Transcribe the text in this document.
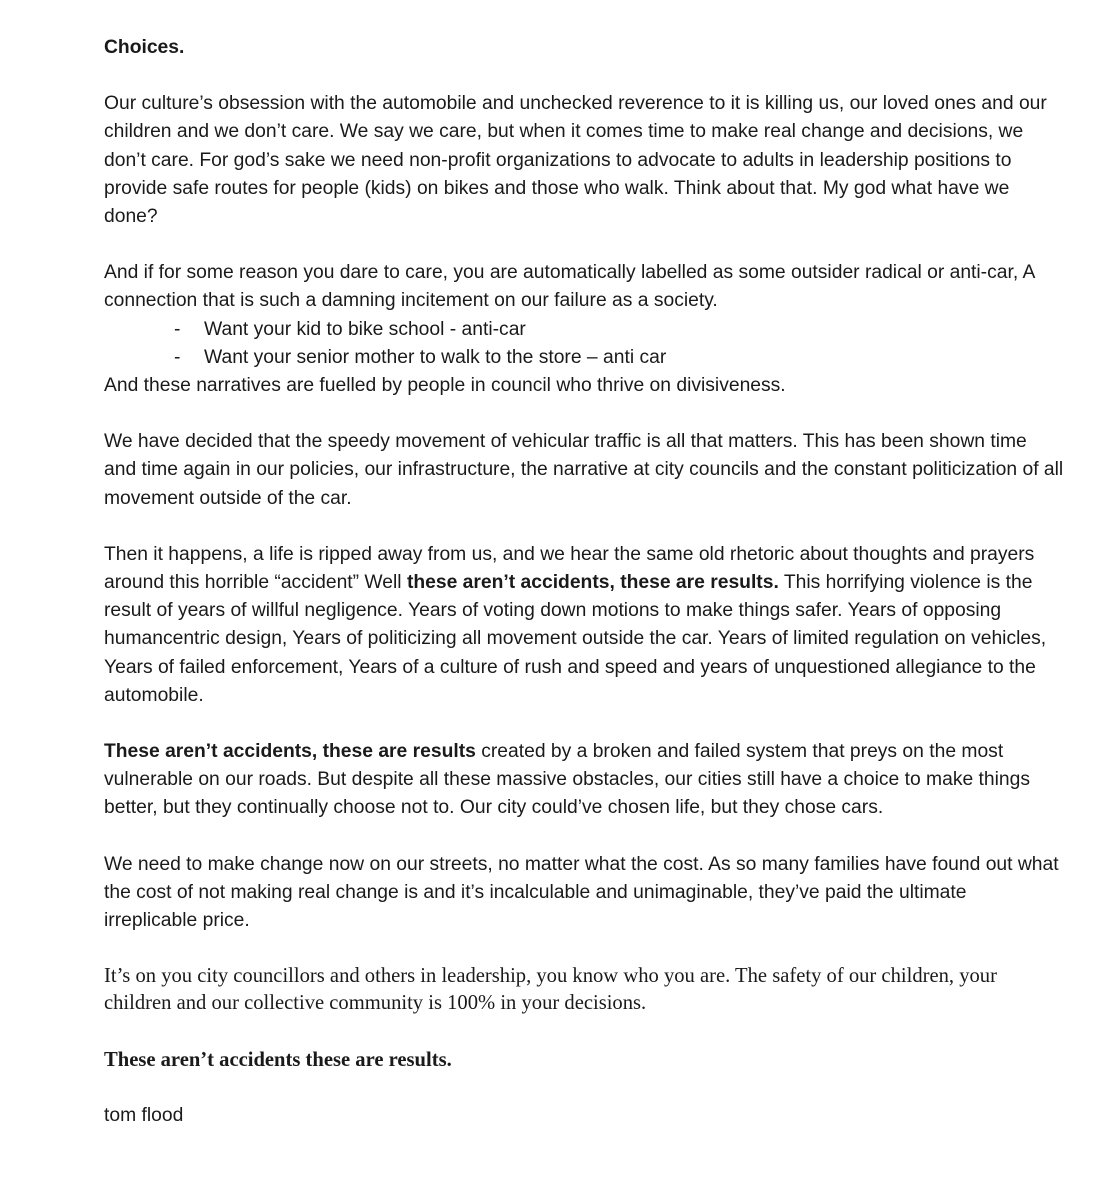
Choices.

Our culture’s obsession with the automobile and unchecked reverence to it is killing us, our loved ones and our children and we don’t care. We say we care, but when it comes time to make real change and decisions, we don’t care. For god’s sake we need non-profit organizations to advocate to adults in leadership positions to provide safe routes for people (kids) on bikes and those who walk. Think about that. My god what have we done?

And if for some reason you dare to care, you are automatically labelled as some outsider radical or anti-car, A connection that is such a damning incitement on our failure as a society.

- Want your kid to bike school - anti-car
- Want your senior mother to walk to the store – anti car

And these narratives are fuelled by people in council who thrive on divisiveness.

We have decided that the speedy movement of vehicular traffic is all that matters. This has been shown time and time again in our policies, our infrastructure, the narrative at city councils and the constant politicization of all movement outside of the car.

Then it happens, a life is ripped away from us, and we hear the same old rhetoric about thoughts and prayers around this horrible “accident” Well these aren’t accidents, these are results. This horrifying violence is the result of years of willful negligence. Years of voting down motions to make things safer. Years of opposing humancentric design, Years of politicizing all movement outside the car. Years of limited regulation on vehicles, Years of failed enforcement, Years of a culture of rush and speed and years of unquestioned allegiance to the automobile.

These aren’t accidents, these are results created by a broken and failed system that preys on the most vulnerable on our roads. But despite all these massive obstacles, our cities still have a choice to make things better, but they continually choose not to. Our city could’ve chosen life, but they chose cars.

We need to make change now on our streets, no matter what the cost. As so many families have found out what the cost of not making real change is and it’s incalculable and unimaginable, they’ve paid the ultimate irreplicable price.

It’s on you city councillors and others in leadership, you know who you are. The safety of our children, your children and our collective community is 100% in your decisions.

These aren’t accidents these are results.

tom flood
